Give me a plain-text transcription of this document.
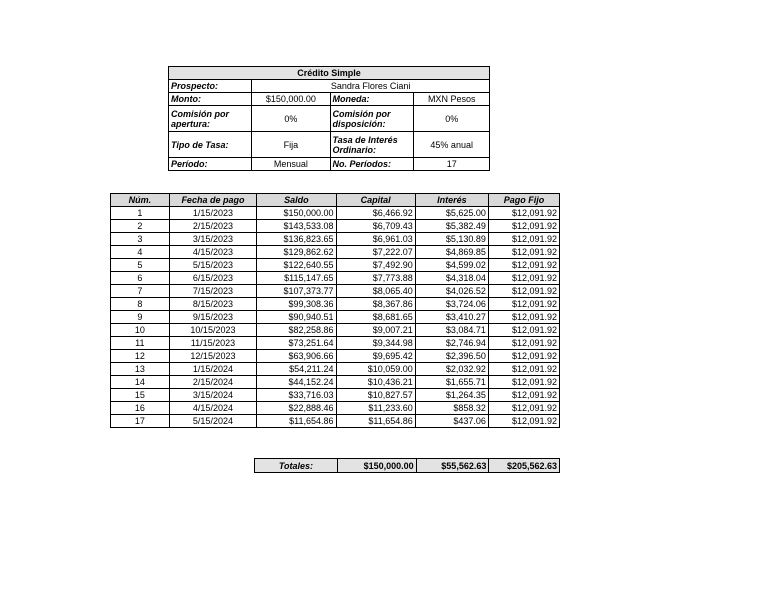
Crédito Simple			
Prospecto:	Sandra Flores Ciani		
Monto:	$150,000.00	Moneda:	MXN Pesos
Comisión por apertura:	0%	Comisión por disposición:	0%
Tipo de Tasa:	Fija	Tasa de Interés Ordinario:	45% anual
Período:	Mensual	No. Períodos:	17
Núm.	Fecha de pago	Saldo	Capital	Interés	Pago Fijo
1	1/15/2023	$150,000.00	$6,466.92	$5,625.00	$12,091.92
2	2/15/2023	$143,533.08	$6,709.43	$5,382.49	$12,091.92
3	3/15/2023	$136,823.65	$6,961.03	$5,130.89	$12,091.92
4	4/15/2023	$129,862.62	$7,222.07	$4,869.85	$12,091.92
5	5/15/2023	$122,640.55	$7,492.90	$4,599.02	$12,091.92
6	6/15/2023	$115,147.65	$7,773.88	$4,318.04	$12,091.92
7	7/15/2023	$107,373.77	$8,065.40	$4,026.52	$12,091.92
8	8/15/2023	$99,308.36	$8,367.86	$3,724.06	$12,091.92
9	9/15/2023	$90,940.51	$8,681.65	$3,410.27	$12,091.92
10	10/15/2023	$82,258.86	$9,007.21	$3,084.71	$12,091.92
11	11/15/2023	$73,251.64	$9,344.98	$2,746.94	$12,091.92
12	12/15/2023	$63,906.66	$9,695.42	$2,396.50	$12,091.92
13	1/15/2024	$54,211.24	$10,059.00	$2,032.92	$12,091.92
14	2/15/2024	$44,152.24	$10,436.21	$1,655.71	$12,091.92
15	3/15/2024	$33,716.03	$10,827.57	$1,264.35	$12,091.92
16	4/15/2024	$22,888.46	$11,233.60	$858.32	$12,091.92
17	5/15/2024	$11,654.86	$11,654.86	$437.06	$12,091.92
Totales:	$150,000.00	$55,562.63	$205,562.63
